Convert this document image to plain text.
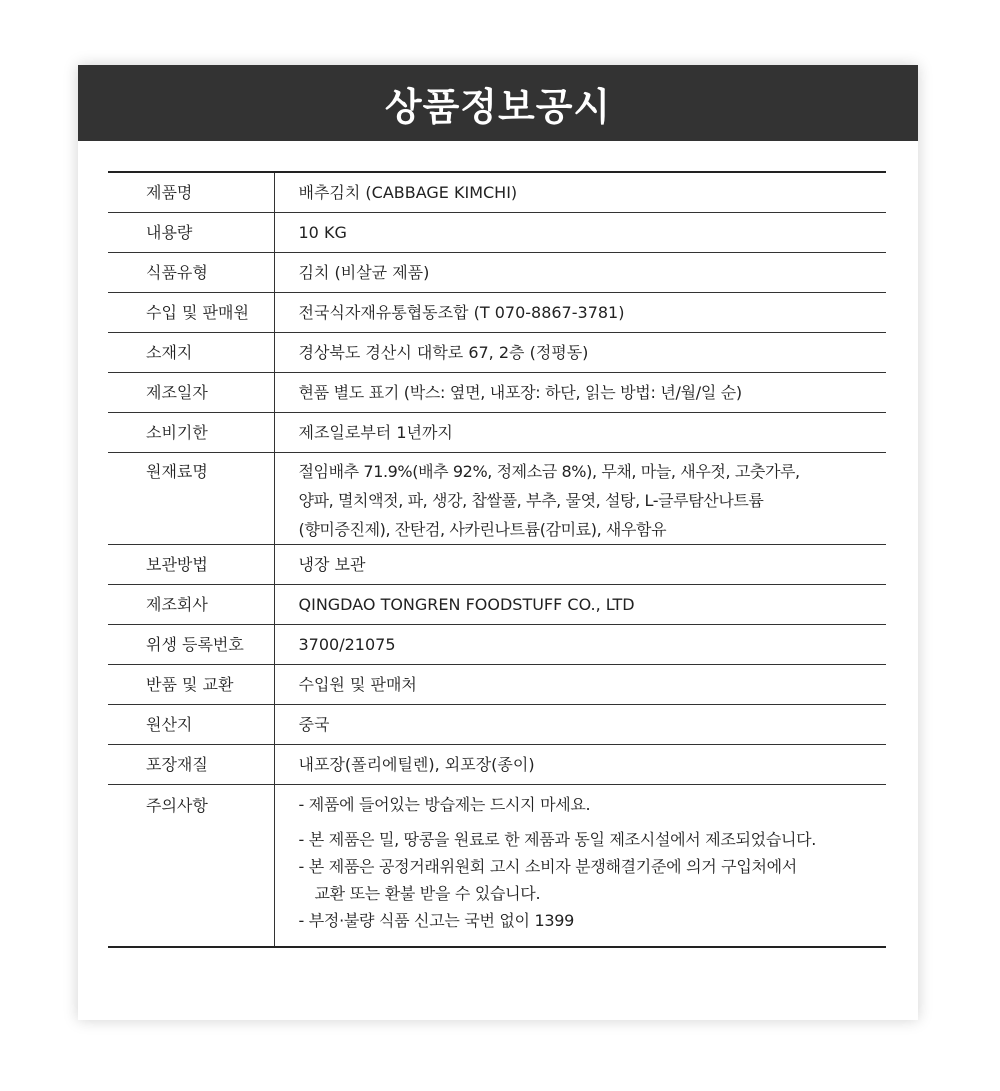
상품정보공시
제품명	배추김치 (CABBAGE KIMCHI)
내용량	10 KG
식품유형	김치 (비살균 제품)
수입 및 판매원	전국식자재유통협동조합 (T 070-8867-3781)
소재지	경상북도 경산시 대학로 67, 2층 (정평동)
제조일자	현품 별도 표기 (박스: 옆면, 내포장: 하단, 읽는 방법: 년/월/일 순)
소비기한	제조일로부터 1년까지
원재료명	절임배추 71.9%(배추 92%, 정제소금 8%), 무채, 마늘, 새우젓, 고춧가루,
양파, 멸치액젓, 파, 생강, 찹쌀풀, 부추, 물엿, 설탕, L-글루탐산나트륨
(향미증진제), 잔탄검, 사카린나트륨(감미료), 새우함유

보관방법	냉장 보관
제조회사	QINGDAO TONGREN FOODSTUFF CO., LTD
위생 등록번호	3700/21075
반품 및 교환	수입원 및 판매처
원산지	중국
포장재질	내포장(폴리에틸렌), 외포장(종이)
주의사항	- 제품에 들어있는 방습제는 드시지 마세요.
- 본 제품은 밀, 땅콩을 원료로 한 제품과 동일 제조시설에서 제조되었습니다.
- 본 제품은 공정거래위원회 고시 소비자 분쟁해결기준에 의거 구입처에서
교환 또는 환불 받을 수 있습니다.
- 부정·불량 식품 신고는 국번 없이 1399
